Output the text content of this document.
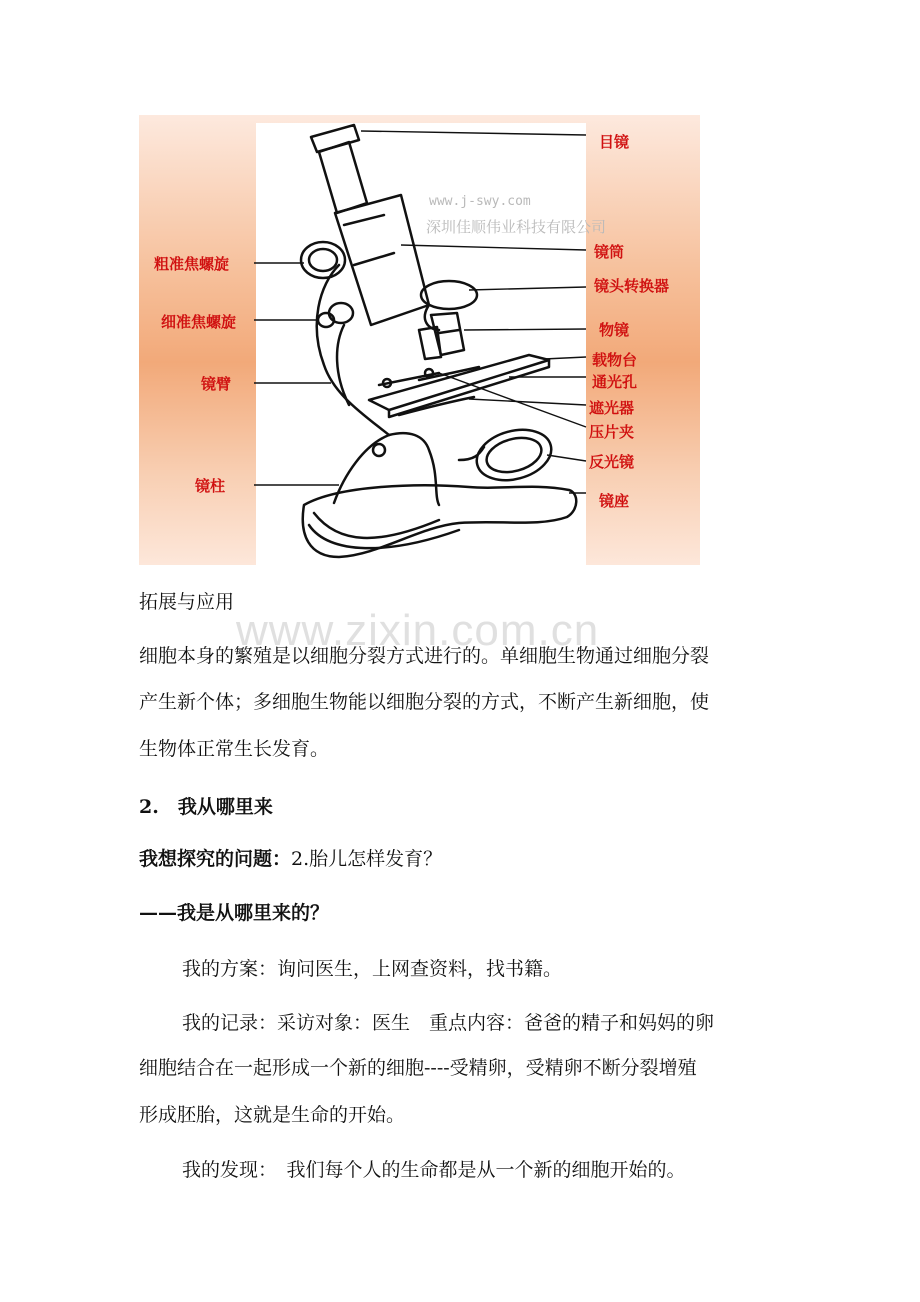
www.j-swy.com
深圳佳顺伟业科技有限公司
目镜
镜筒
镜头转换器
物镜
载物台
通光孔
遮光器
压片夹
反光镜
镜座
粗准焦螺旋
细准焦螺旋
镜臂
镜柱
www.zixin.com.cn
拓展与应用
细胞本身的繁殖是以细胞分裂方式进行的。单细胞生物通过细胞分裂
产生新个体；多细胞生物能以细胞分裂的方式，不断产生新细胞，使
生物体正常生长发育。
2.　我从哪里来
我想探究的问题：2.胎儿怎样发育？
——我是从哪里来的？
我的方案：询问医生，上网查资料，找书籍。
我的记录：采访对象：医生　重点内容：爸爸的精子和妈妈的卵
细胞结合在一起形成一个新的细胞----受精卵，受精卵不断分裂增殖
形成胚胎，这就是生命的开始。
我的发现：　我们每个人的生命都是从一个新的细胞开始的。
